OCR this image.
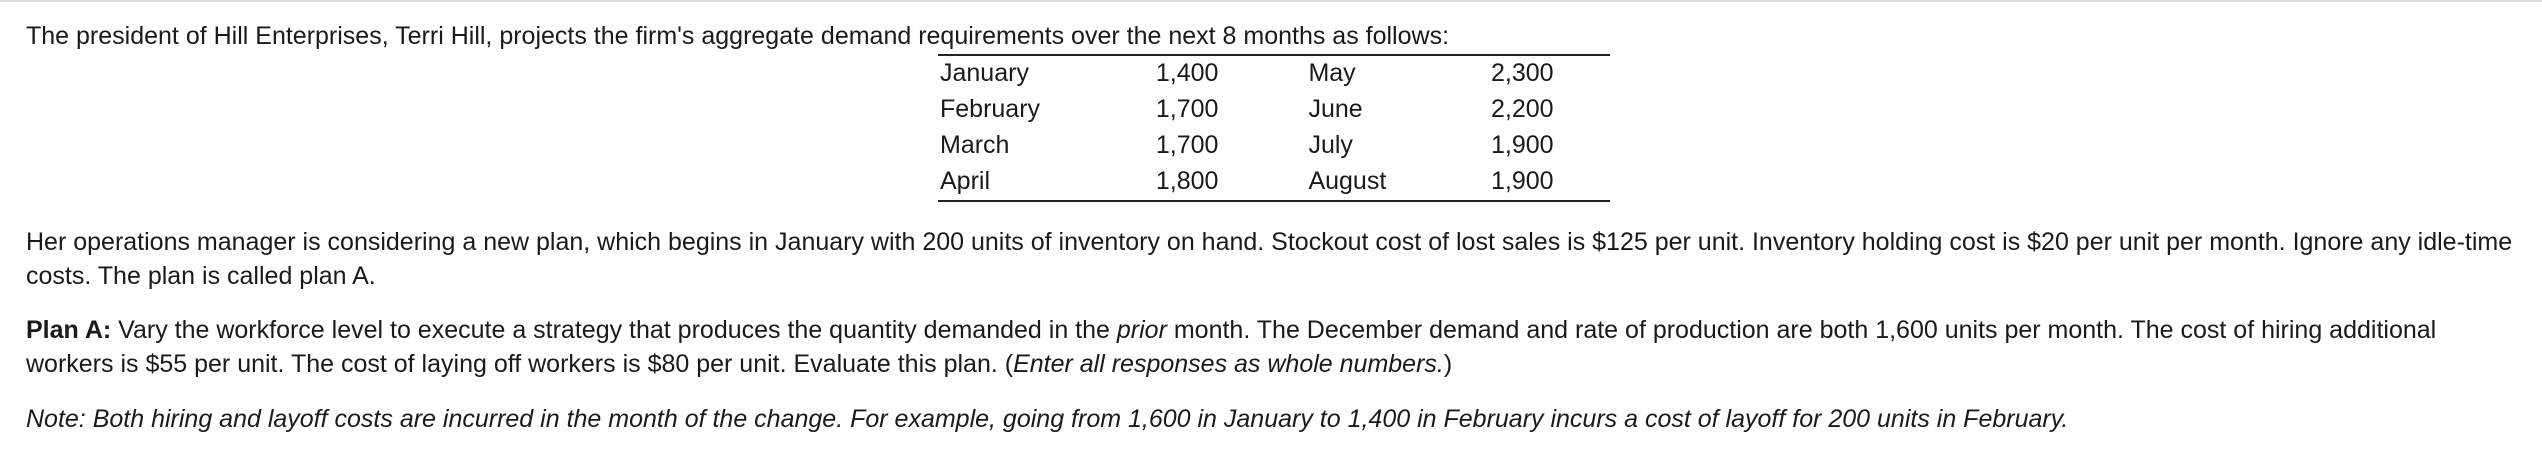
The president of Hill Enterprises, Terri Hill, projects the firm's aggregate demand requirements over the next 8 months as follows:
January	1,400	May	2,300	
February	1,700	June	2,200	
March	1,700	July	1,900	
April	1,800	August	1,900	
Her operations manager is considering a new plan, which begins in January with 200 units of inventory on hand. Stockout cost of lost sales is $125 per unit. Inventory holding cost is $20 per unit per month. Ignore any idle-time costs. The plan is called plan A.
Plan A: Vary the workforce level to execute a strategy that produces the quantity demanded in the prior month. The December demand and rate of production are both 1,600 units per month. The cost of hiring additional workers is $55 per unit. The cost of laying off workers is $80 per unit. Evaluate this plan. (Enter all responses as whole numbers.)
Note: Both hiring and layoff costs are incurred in the month of the change. For example, going from 1,600 in January to 1,400 in February incurs a cost of layoff for 200 units in February.
